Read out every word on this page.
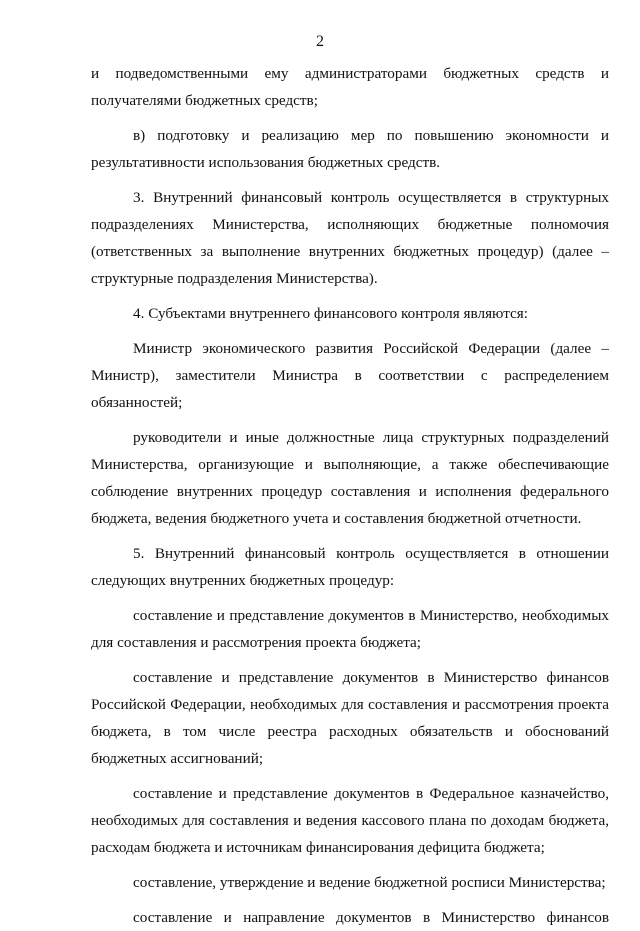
2

и подведомственными ему администраторами бюджетных средств и получателями бюджетных средств;

в) подготовку и реализацию мер по повышению экономности и результативности использования бюджетных средств.

3. Внутренний финансовый контроль осуществляется в структурных подразделениях Министерства, исполняющих бюджетные полномочия (ответственных за выполнение внутренних бюджетных процедур) (далее – структурные подразделения Министерства).

4. Субъектами внутреннего финансового контроля являются:

Министр экономического развития Российской Федерации (далее – Министр), заместители Министра в соответствии с распределением обязанностей;

руководители и иные должностные лица структурных подразделений Министерства, организующие и выполняющие, а также обеспечивающие соблюдение внутренних процедур составления и исполнения федерального бюджета, ведения бюджетного учета и составления бюджетной отчетности.

5. Внутренний финансовый контроль осуществляется в отношении следующих внутренних бюджетных процедур:

составление и представление документов в Министерство, необходимых для составления и рассмотрения проекта бюджета;

составление и представление документов в Министерство финансов Российской Федерации, необходимых для составления и рассмотрения проекта бюджета, в том числе реестра расходных обязательств и обоснований бюджетных ассигнований;

составление и представление документов в Федеральное казначейство, необходимых для составления и ведения кассового плана по доходам бюджета, расходам бюджета и источникам финансирования дефицита бюджета;

составление, утверждение и ведение бюджетной росписи Министерства;

составление и направление документов в Министерство финансов
